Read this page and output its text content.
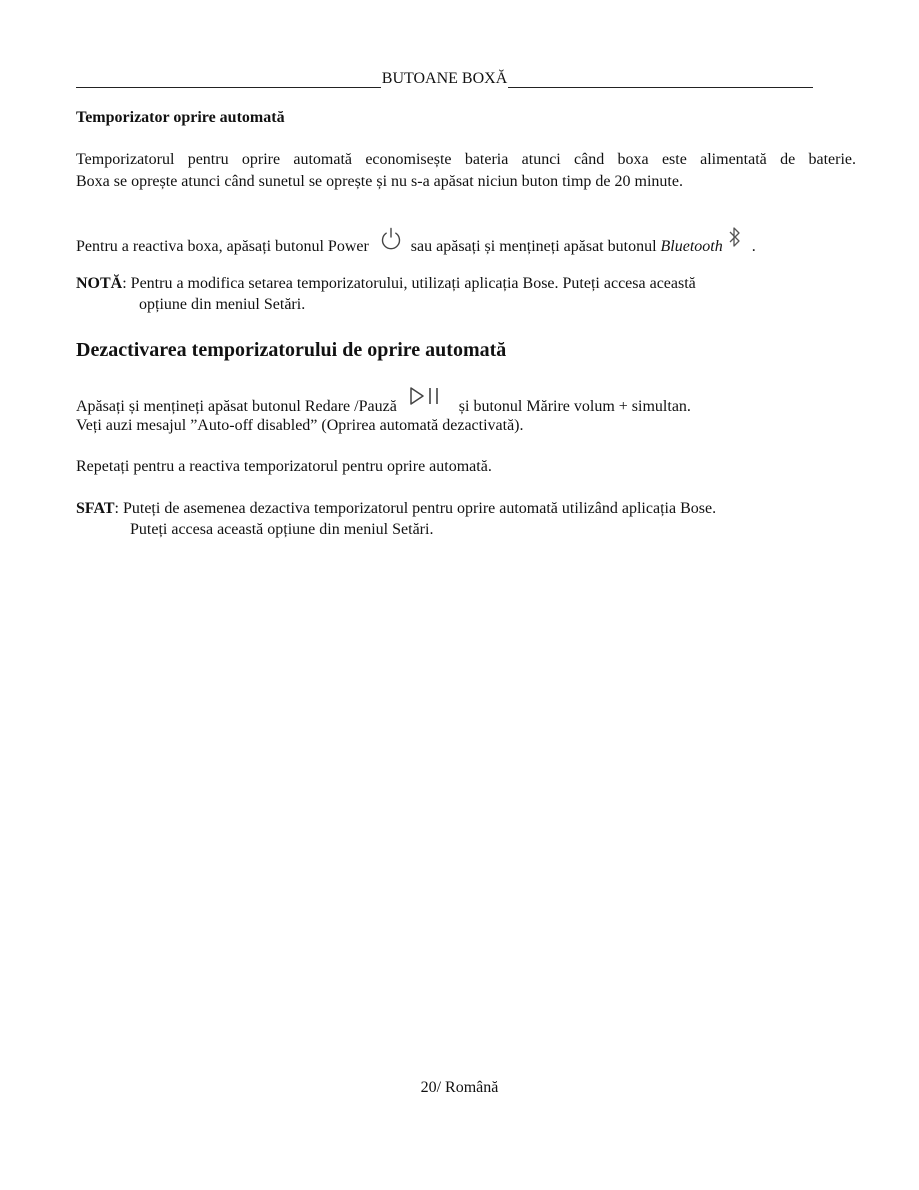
BUTOANE BOXĂ
Temporizator oprire automată
Temporizatorul pentru oprire automată economisește bateria atunci când boxa este alimentată de baterie.
Boxa se oprește atunci când sunetul se oprește și nu s-a apăsat niciun buton timp de 20 minute.
Pentru a reactiva boxa, apăsați butonul Power	sau apăsați și mențineți apăsat butonul Bluetooth .
NOTĂ: Pentru a modifica setarea temporizatorului, utilizați aplicația Bose. Puteți accesa această
opțiune din meniul Setări.
Dezactivarea temporizatorului de oprire automată
Apăsați și mențineți apăsat butonul Redare /Pauză	și butonul Mărire volum + simultan.
Veți auzi mesajul ”Auto-off disabled” (Oprirea automată dezactivată).
Repetați pentru a reactiva temporizatorul pentru oprire automată.
SFAT: Puteți de asemenea dezactiva temporizatorul pentru oprire automată utilizând aplicația Bose.
Puteți accesa această opțiune din meniul Setări.
20/ Română
